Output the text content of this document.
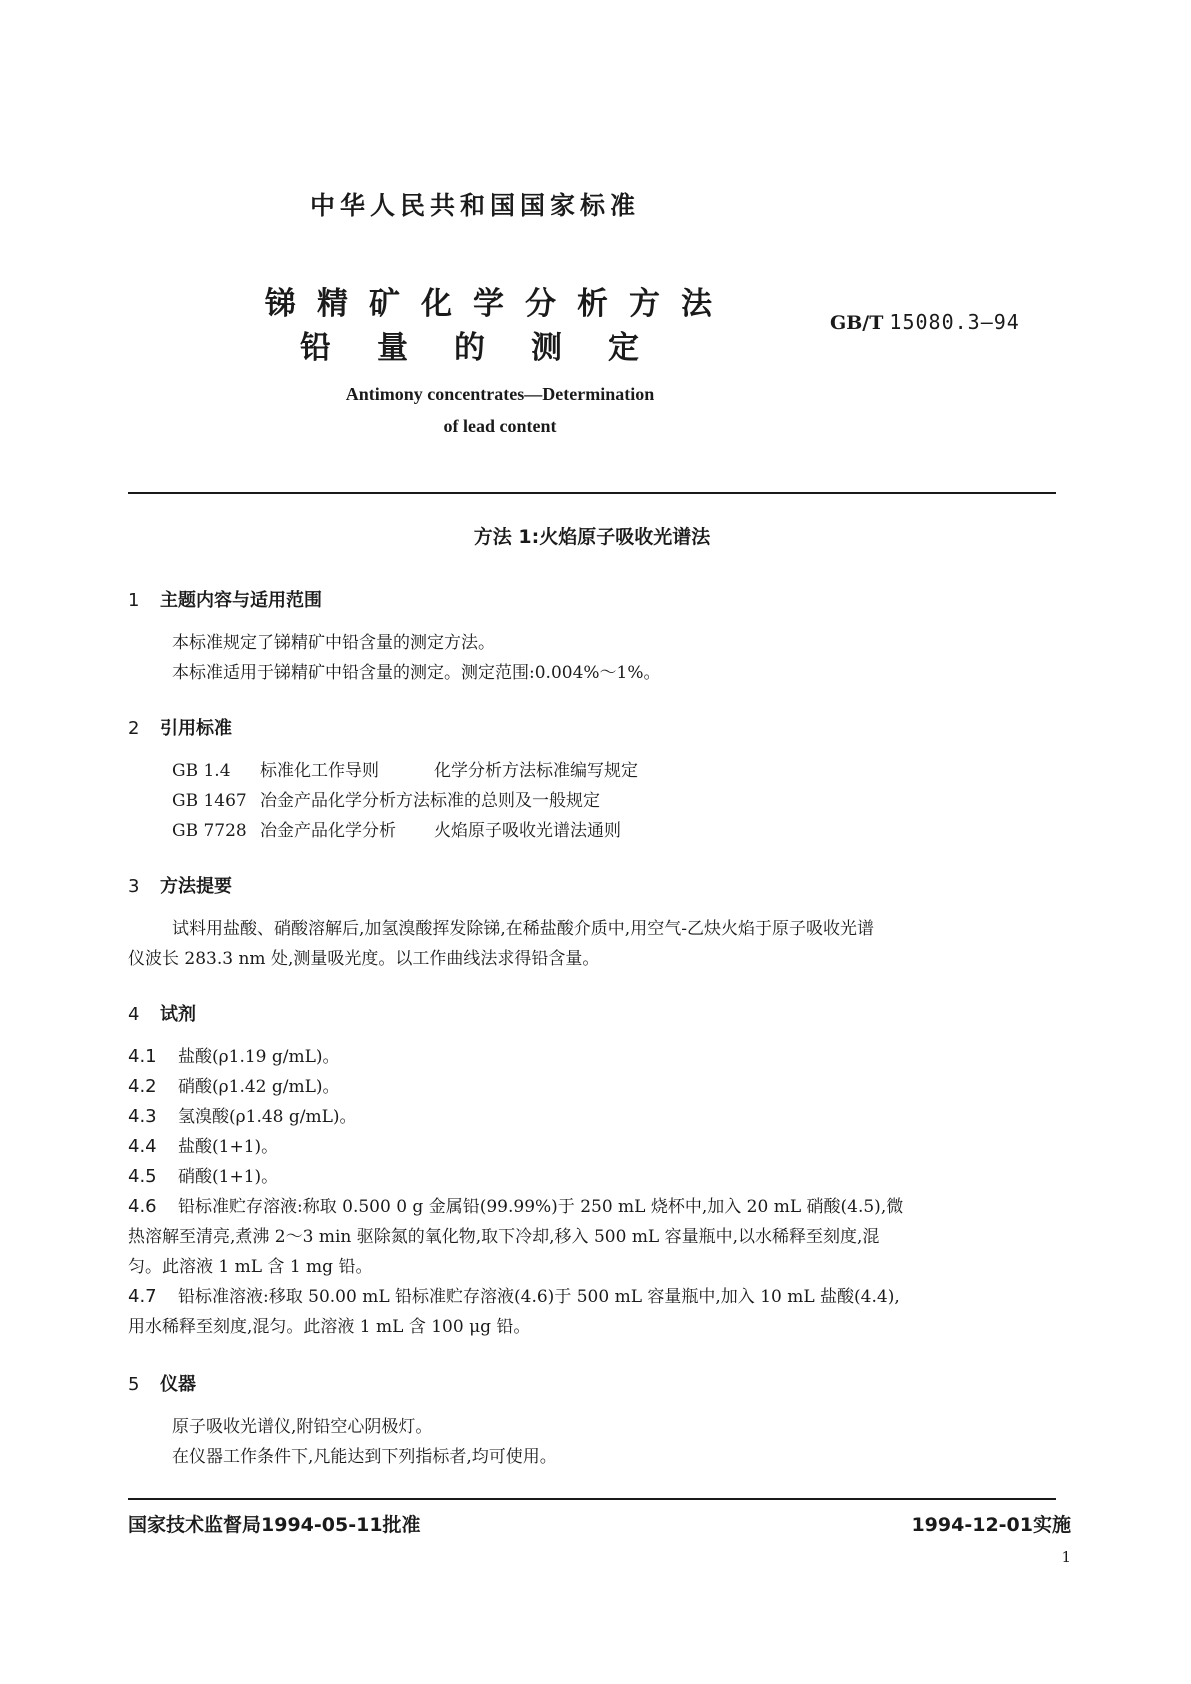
中华人民共和国国家标准
锑精矿化学分析方法
铅量的测定
GB/T 15080.3—94
Antimony concentrates—Determination
of lead content
方法 1:火焰原子吸收光谱法
1 主题内容与适用范围
本标准规定了锑精矿中铅含量的测定方法。
本标准适用于锑精矿中铅含量的测定。测定范围:0.004%～1%。
2 引用标准
GB 1.4 标准化工作导则	化学分析方法标准编写规定
GB 1467 冶金产品化学分析方法标准的总则及一般规定
GB 7728 冶金产品化学分析 火焰原子吸收光谱法通则
3 方法提要
试料用盐酸、硝酸溶解后,加氢溴酸挥发除锑,在稀盐酸介质中,用空气-乙炔火焰于原子吸收光谱
仪波长 283.3 nm 处,测量吸光度。以工作曲线法求得铅含量。
4 试剂
4.1 盐酸(ρ1.19 g/mL)。
4.2 硝酸(ρ1.42 g/mL)。
4.3 氢溴酸(ρ1.48 g/mL)。
4.4 盐酸(1+1)。
4.5 硝酸(1+1)。
4.6 铅标准贮存溶液:称取 0.500 0 g 金属铅(99.99%)于 250 mL 烧杯中,加入 20 mL 硝酸(4.5),微
热溶解至清亮,煮沸 2～3 min 驱除氮的氧化物,取下冷却,移入 500 mL 容量瓶中,以水稀释至刻度,混
匀。此溶液 1 mL 含 1 mg 铅。
4.7 铅标准溶液:移取 50.00 mL 铅标准贮存溶液(4.6)于 500 mL 容量瓶中,加入 10 mL 盐酸(4.4),
用水稀释至刻度,混匀。此溶液 1 mL 含 100 μg 铅。
5 仪器
原子吸收光谱仪,附铅空心阴极灯。
在仪器工作条件下,凡能达到下列指标者,均可使用。
国家技术监督局1994-05-11批准	1994-12-01实施
1
